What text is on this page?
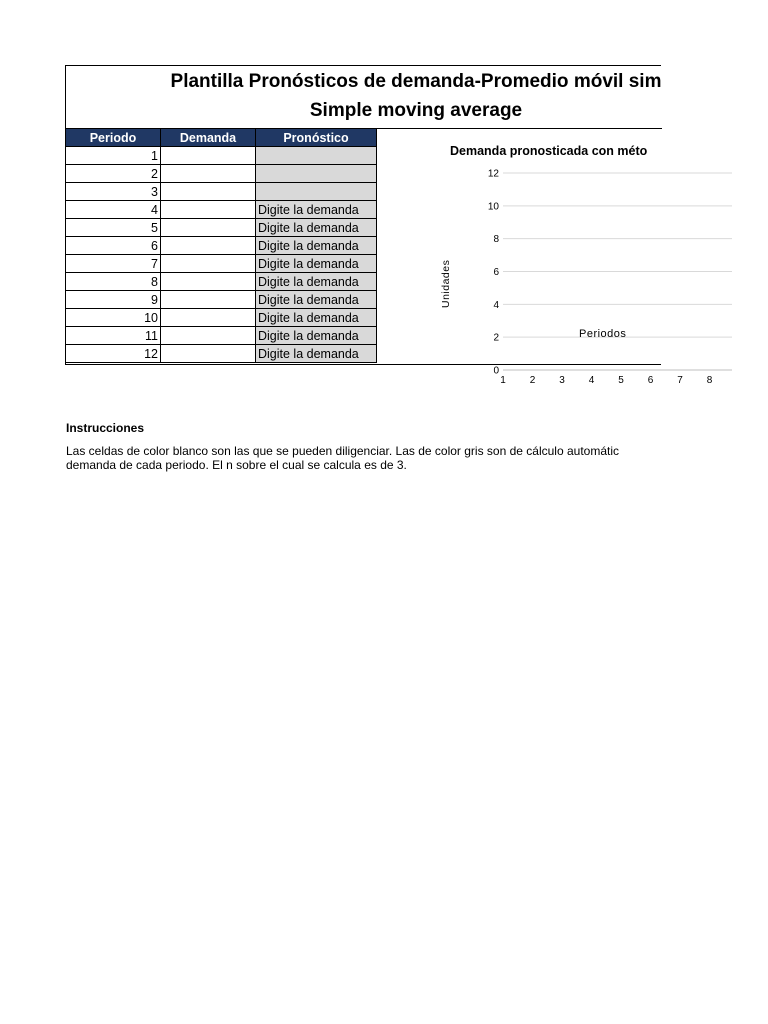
Plantilla Pronósticos de demanda-Promedio móvil sim
Simple moving average
Periodo	Demanda	Pronóstico
1		
2		
3		
4		Digite la demanda
5		Digite la demanda
6		Digite la demanda
7		Digite la demanda
8		Digite la demanda
9		Digite la demanda
10		Digite la demanda
11		Digite la demanda
12		Digite la demanda
Demanda pronosticada con méto
0
2
4
6
8
10
12
1 2 3 4 5 6 7 8
Unidades
Periodos
Instrucciones
Las celdas de color blanco son las que se pueden diligenciar. Las de color gris son de cálculo automátic
demanda de cada periodo. El n sobre el cual se calcula es de 3.
